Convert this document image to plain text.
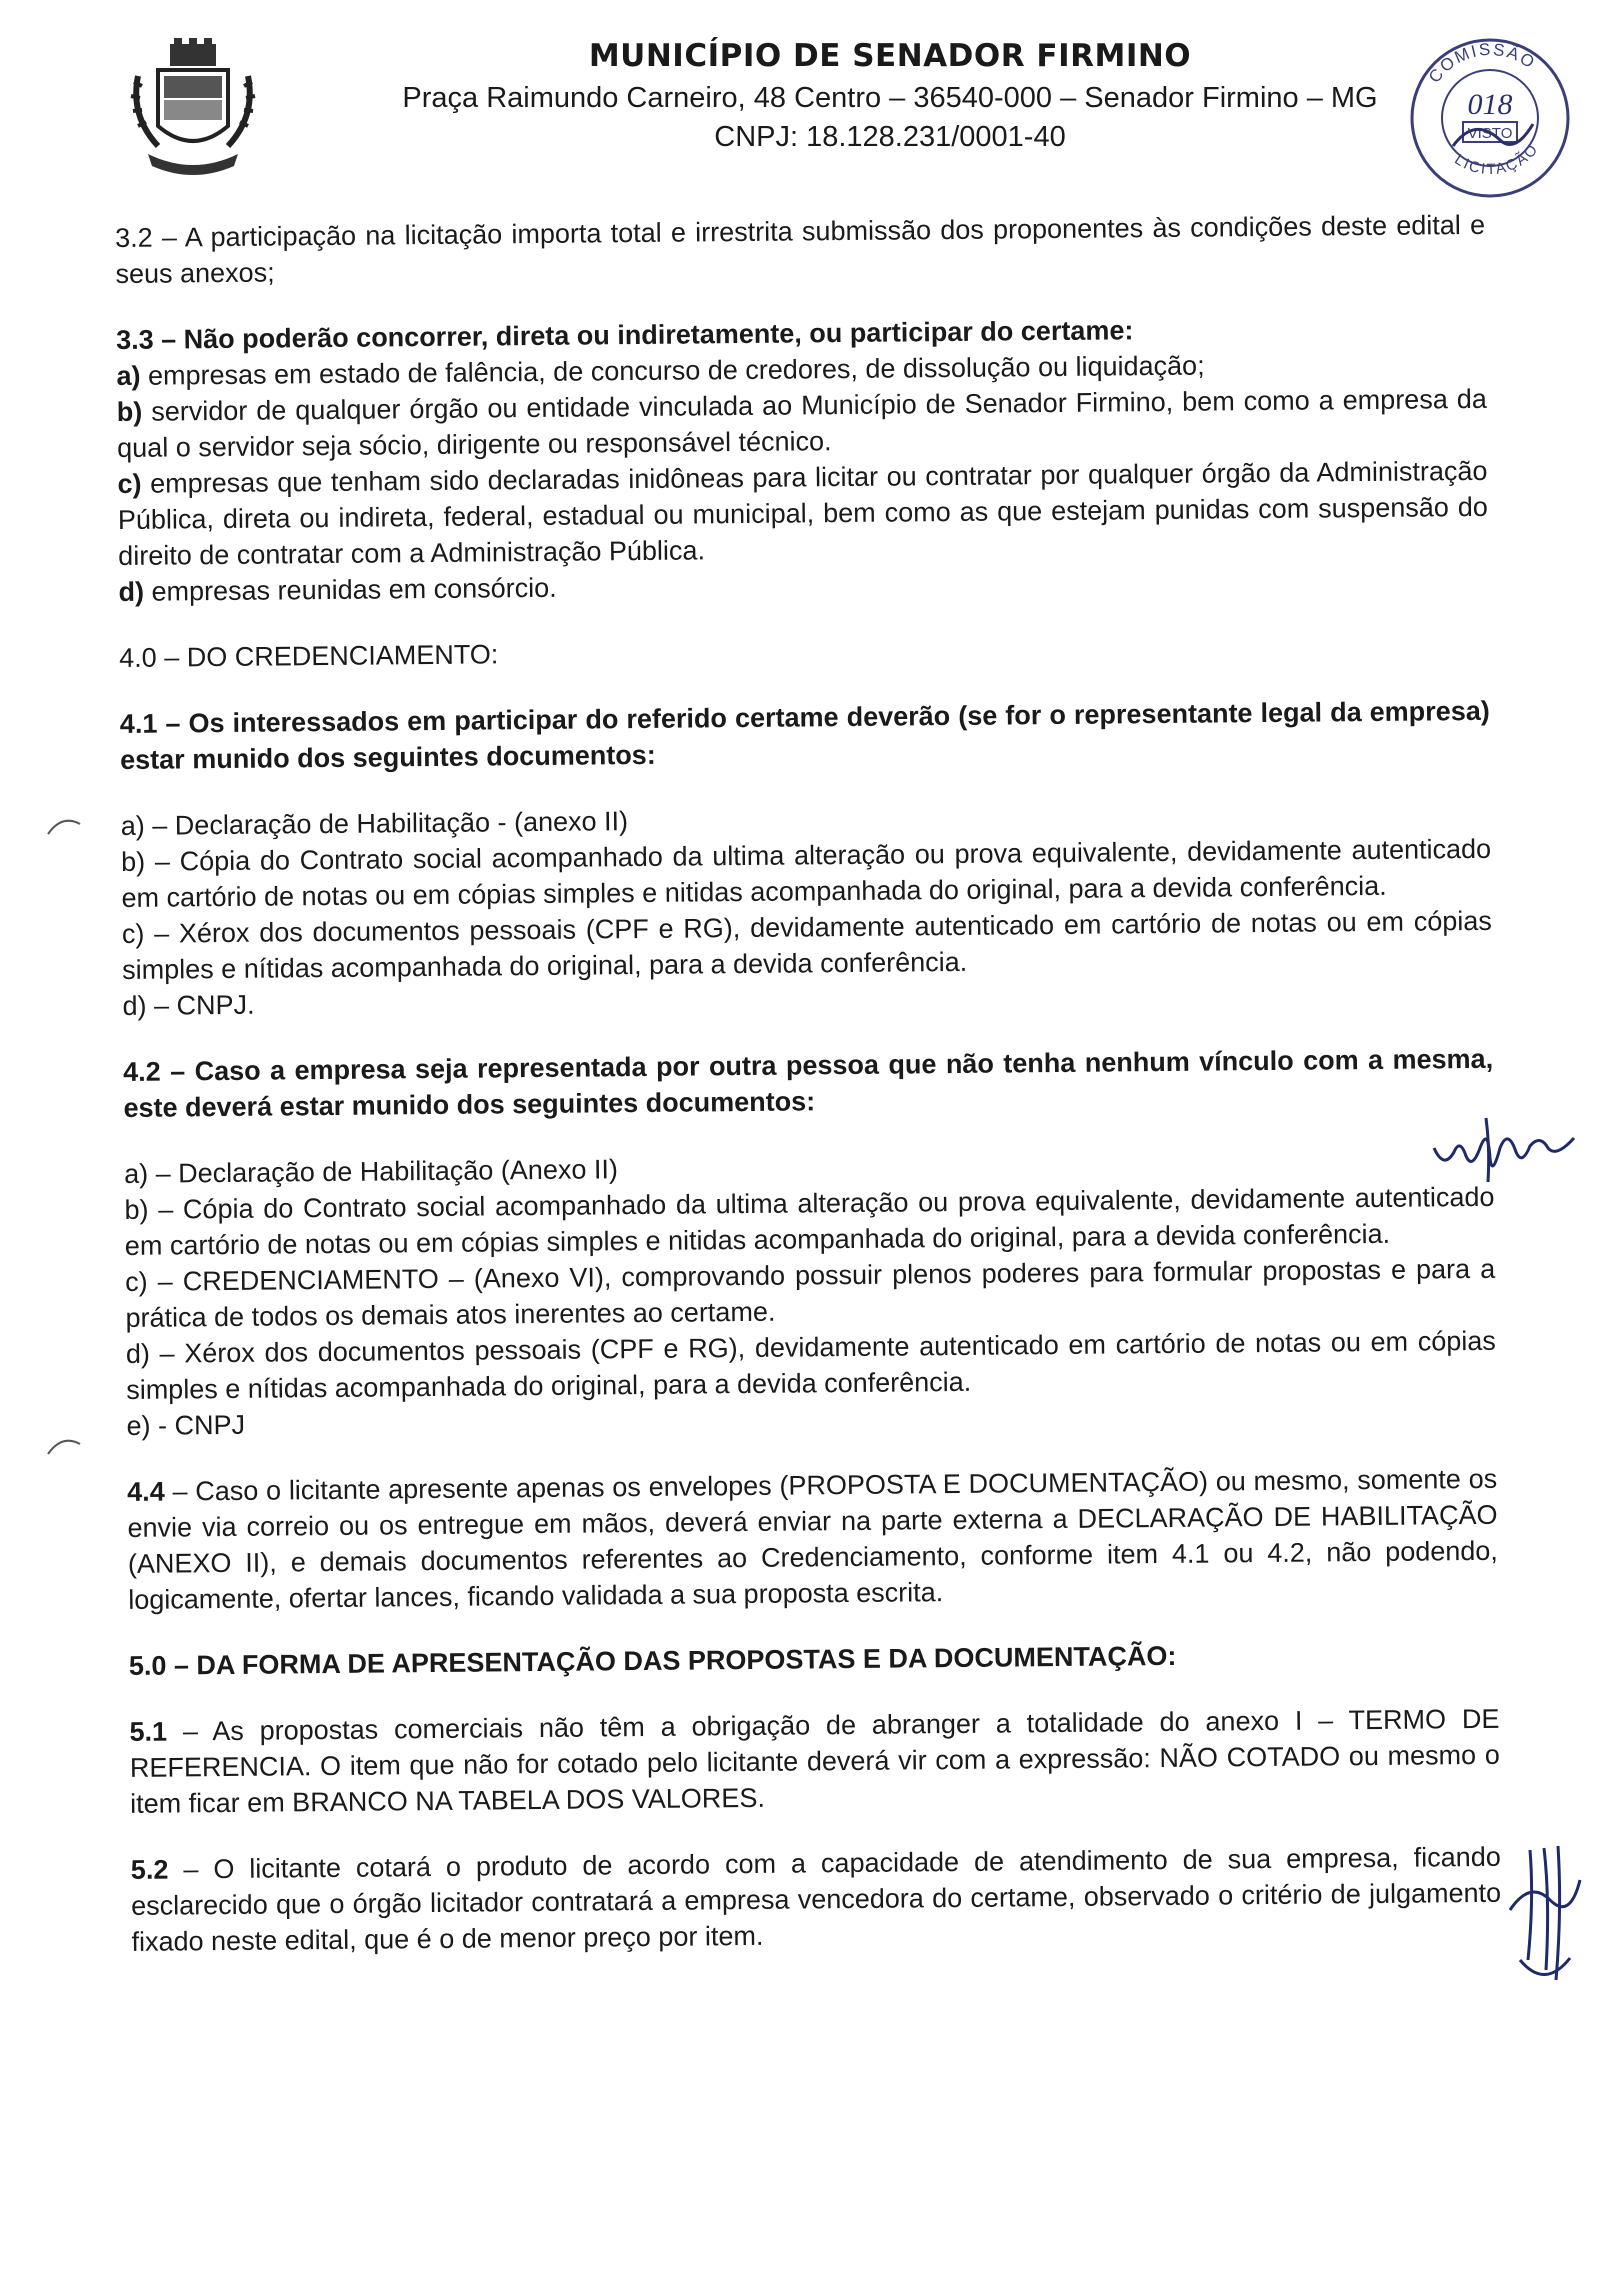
MUNICÍPIO DE SENADOR FIRMINO

Praça Raimundo Carneiro, 48 Centro – 36540-000 – Senador Firmino – MG

CNPJ: 18.128.231/0001-40

COMISSÃO
LICITAÇÃO
018
VISTO

3.2 – A participação na licitação importa total e irrestrita submissão dos proponentes às condições deste edital e seus anexos;

3.3 – Não poderão concorrer, direta ou indiretamente, ou participar do certame:
a) empresas em estado de falência, de concurso de credores, de dissolução ou liquidação;
b) servidor de qualquer órgão ou entidade vinculada ao Município de Senador Firmino, bem como a empresa da qual o servidor seja sócio, dirigente ou responsável técnico.
c) empresas que tenham sido declaradas inidôneas para licitar ou contratar por qualquer órgão da Administração Pública, direta ou indireta, federal, estadual ou municipal, bem como as que estejam punidas com suspensão do direito de contratar com a Administração Pública.
d) empresas reunidas em consórcio.

4.0 – DO CREDENCIAMENTO:

4.1 – Os interessados em participar do referido certame deverão (se for o representante legal da empresa) estar munido dos seguintes documentos:
a) – Declaração de Habilitação - (anexo II)
b) – Cópia do Contrato social acompanhado da ultima alteração ou prova equivalente, devidamente autenticado em cartório de notas ou em cópias simples e nitidas acompanhada do original, para a devida conferência.
c) – Xérox dos documentos pessoais (CPF e RG), devidamente autenticado em cartório de notas ou em cópias simples e nítidas acompanhada do original, para a devida conferência.
d) – CNPJ.
4.2 – Caso a empresa seja representada por outra pessoa que não tenha nenhum vínculo com a mesma, este deverá estar munido dos seguintes documentos:
a) – Declaração de Habilitação (Anexo II)
b) – Cópia do Contrato social acompanhado da ultima alteração ou prova equivalente, devidamente autenticado em cartório de notas ou em cópias simples e nitidas acompanhada do original, para a devida conferência.
c) – CREDENCIAMENTO – (Anexo VI), comprovando possuir plenos poderes para formular propostas e para a prática de todos os demais atos inerentes ao certame.
d) – Xérox dos documentos pessoais (CPF e RG), devidamente autenticado em cartório de notas ou em cópias simples e nítidas acompanhada do original, para a devida conferência.
e) - CNPJ

4.4 – Caso o licitante apresente apenas os envelopes (PROPOSTA E DOCUMENTAÇÃO) ou mesmo, somente os envie via correio ou os entregue em mãos, deverá enviar na parte externa a DECLARAÇÃO DE HABILITAÇÃO (ANEXO II), e demais documentos referentes ao Credenciamento, conforme item 4.1 ou 4.2, não podendo, logicamente, ofertar lances, ficando validada a sua proposta escrita.

5.0 – DA FORMA DE APRESENTAÇÃO DAS PROPOSTAS E DA DOCUMENTAÇÃO:

5.1 – As propostas comerciais não têm a obrigação de abranger a totalidade do anexo I – TERMO DE REFERENCIA. O item que não for cotado pelo licitante deverá vir com a expressão: NÃO COTADO ou mesmo o item ficar em BRANCO NA TABELA DOS VALORES.

5.2 – O licitante cotará o produto de acordo com a capacidade de atendimento de sua empresa, ficando esclarecido que o órgão licitador contratará a empresa vencedora do certame, observado o critério de julgamento fixado neste edital, que é o de menor preço por item.
